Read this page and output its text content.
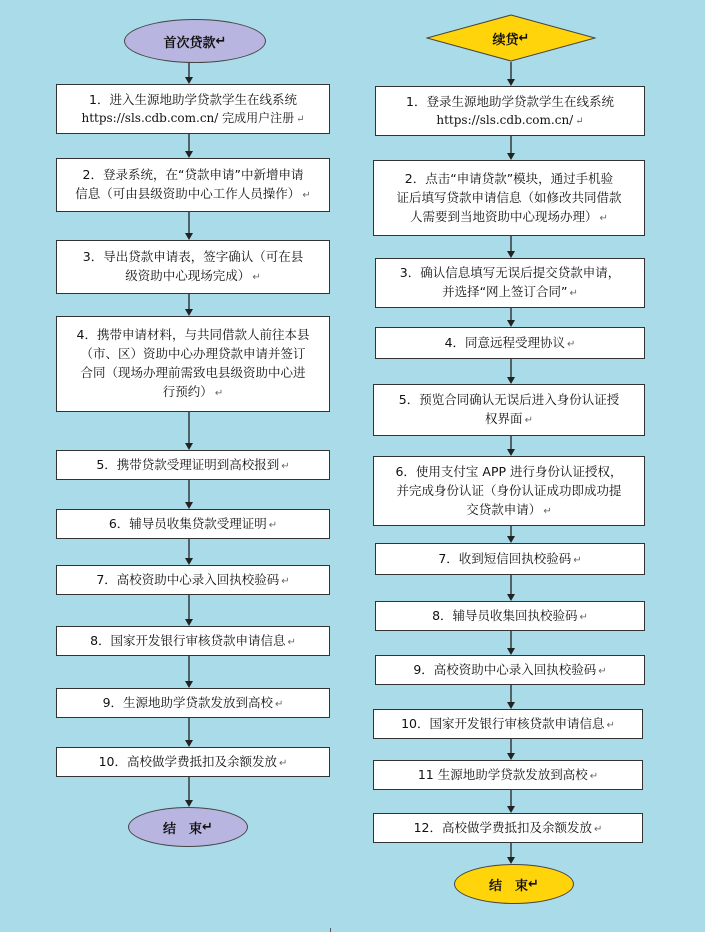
首次贷款 ↵
1．进入生源地助学贷款学生在线系统
https://sls.cdb.com.cn/ 完成用户注册 ↵
2．登录系统，在“贷款申请”中新增申请
信息（可由县级资助中心工作人员操作） ↵
3．导出贷款申请表，签字确认（可在县
级资助中心现场完成） ↵
4．携带申请材料，与共同借款人前往本县
（市、区）资助中心办理贷款申请并签订
合同（现场办理前需致电县级资助中心进
行预约） ↵
5．携带贷款受理证明到高校报到 ↵
6．辅导员收集贷款受理证明 ↵
7．高校资助中心录入回执校验码 ↵
8．国家开发银行审核贷款申请信息 ↵
9．生源地助学贷款发放到高校 ↵
10．高校做学费抵扣及余额发放 ↵
结　束 ↵
续贷 ↵
1．登录生源地助学贷款学生在线系统
https://sls.cdb.com.cn/ ↵
2．点击“申请贷款”模块，通过手机验
证后填写贷款申请信息（如修改共同借款
人需要到当地资助中心现场办理） ↵
3．确认信息填写无误后提交贷款申请，
并选择“网上签订合同” ↵
4．同意远程受理协议 ↵
5．预览合同确认无误后进入身份认证授
权界面 ↵
6．使用支付宝 APP 进行身份认证授权，
并完成身份认证（身份认证成功即成功提
交贷款申请） ↵
7．收到短信回执校验码 ↵
8．辅导员收集回执校验码 ↵
9．高校资助中心录入回执校验码 ↵
10．国家开发银行审核贷款申请信息 ↵
11 生源地助学贷款发放到高校 ↵
12．高校做学费抵扣及余额发放 ↵
结　束 ↵
